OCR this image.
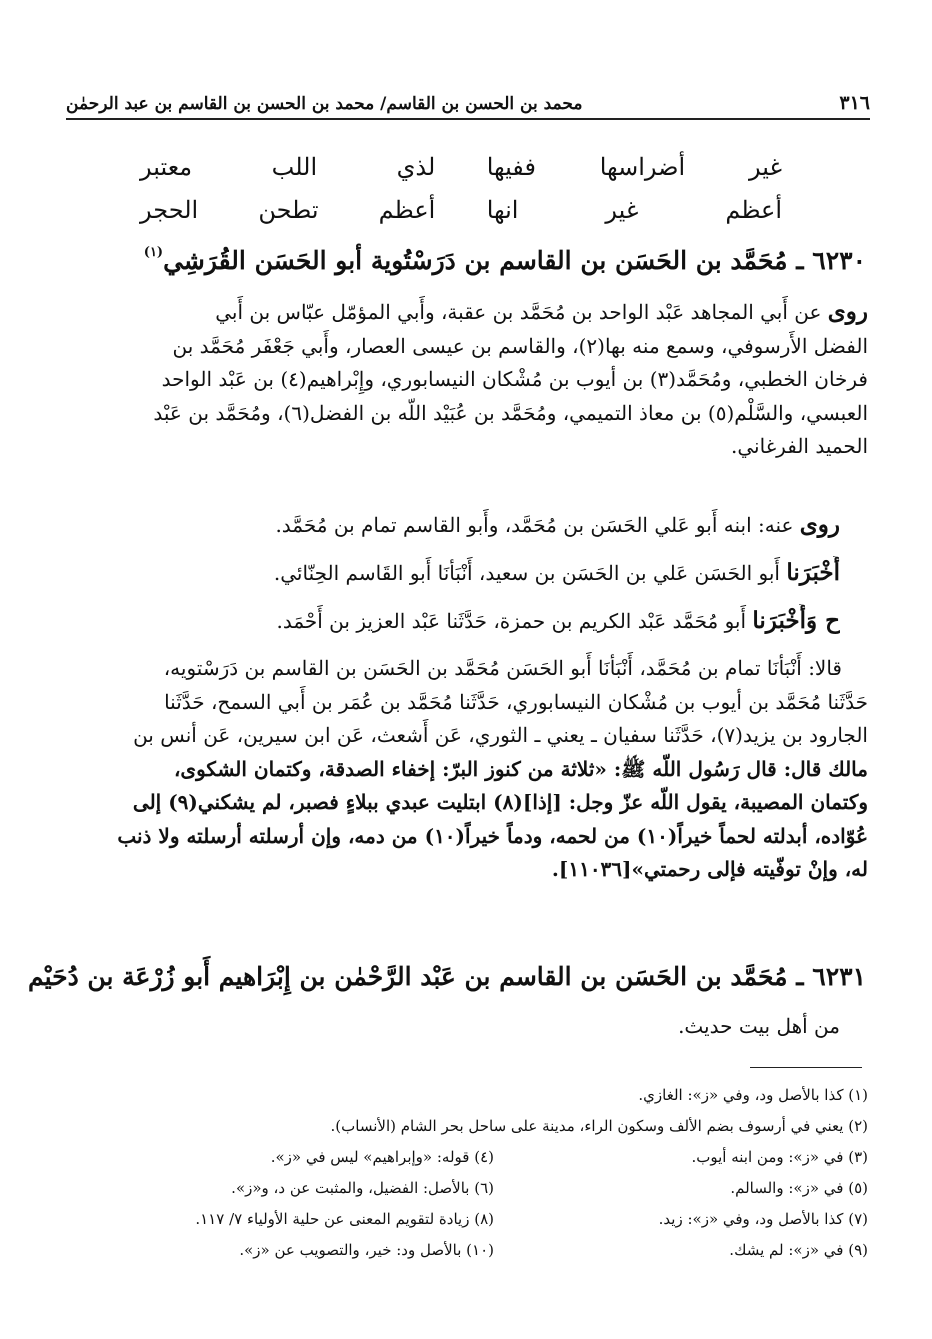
٣١٦
محمد بن الحسن بن القاسم/ محمد بن الحسن بن القاسم بن عبد الرحمٰن
غير أضراسها ففيها
لذي اللب معتبر
أعظم غير انها
أعظم تطحن الحجر
٦٢٣٠ ـ مُحَمَّد بن الحَسَن بن القاسم بن دَرَسْتُوية أبو الحَسَن القُرَشِي$^{(١)}$
روى عن أَبي المجاهد عَبْد الواحد بن مُحَمَّد بن عقبة، وأَبي المؤمّل عبّاس بن أَبي
الفضل الأَرسوفي، وسمع منه بها(٢)، والقاسم بن عيسى العصار، وأَبي جَعْفَر مُحَمَّد بن
فرخان الخطبي، ومُحَمَّد(٣) بن أيوب بن مُشْكان النيسابوري، وإِبْراهيم(٤) بن عَبْد الواحد
العبسي، والسَّلْم(٥) بن معاذ التميمي، ومُحَمَّد بن عُبَيْد اللّه بن الفضل(٦)، ومُحَمَّد بن عَبْد
الحميد الفرغاني.
روى عنه: ابنه أَبو عَلي الحَسَن بن مُحَمَّد، وأَبو القاسم تمام بن مُحَمَّد.
أَخْبَرَنا أَبو الحَسَن عَلي بن الحَسَن بن سعيد، أَنْبَأنَا أَبو القَاسم الحِنّائي.
ح وَأَخْبَرَنا أَبو مُحَمَّد عَبْد الكريم بن حمزة، حَدَّثَنا عَبْد العزيز بن أَحْمَد.
قالا: أَنْبَأنَا تمام بن مُحَمَّد، أَنْبَأنَا أَبو الحَسَن مُحَمَّد بن الحَسَن بن القاسم بن دَرَسْتويه،
حَدَّثَنا مُحَمَّد بن أيوب بن مُشْكان النيسابوري، حَدَّثَنا مُحَمَّد بن عُمَر بن أَبي السمح، حَدَّثَنا
الجارود بن يزيد(٧)، حَدَّثَنا سفيان ـ يعني ـ الثوري، عَن أَشعث، عَن ابن سيرين، عَن أنس بن
مالك قال: قال رَسُول اللّه ﷺ: «ثلاثة من كنوز البرّ: إخفاء الصدقة، وكتمان الشكوى،
وكتمان المصيبة، يقول اللّه عزّ وجل: [إذا](٨) ابتليت عبدي ببلاءٍ فصبر، لم يشكني(٩) إلى
عُوّاده، أبدلته لحماً خيراً(١٠) من لحمه، ودماً خيراً(١٠) من دمه، وإن أرسلته أرسلته ولا ذنب
له، وإنْ توفّيته فإلى رحمتي»[١١٠٣٦].
٦٢٣١ ـ مُحَمَّد بن الحَسَن بن القاسم بن عَبْد الرَّحْمٰن بن إِبْرَاهيم أَبو زُرْعَة بن دُحَيْم
من أهل بيت حديث.
(١) كذا بالأصل ود، وفي «ز»: الغازي.
(٢) يعني في أرسوف بضم الألف وسكون الراء، مدينة على ساحل بحر الشام (الأنساب).
(٣) في «ز»: ومن ابنه أيوب.
(٤) قوله: «وإبراهيم» ليس في «ز».
(٥) في «ز»: والسالم.
(٦) بالأصل: الفضيل، والمثبت عن د، و«ز».
(٧) كذا بالأصل ود، وفي «ز»: زيد.
(٨) زيادة لتقويم المعنى عن حلية الأولياء ٧/ ١١٧.
(٩) في «ز»: لم يشك.
(١٠) بالأصل ود: خير، والتصويب عن «ز».
